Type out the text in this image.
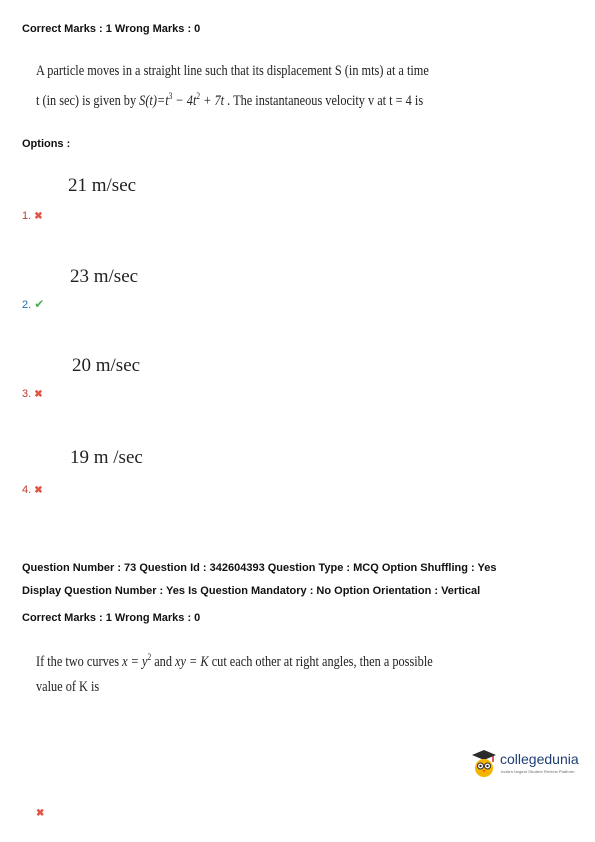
Correct Marks : 1 Wrong Marks : 0
A particle moves in a straight line such that its displacement S (in mts) at a time
t (in sec) is given by $S(t)=t^3 - 4t^2 + 7t$ . The instantaneous velocity v at t = 4 is
Options :
21 m/sec
1. ✖
23 m/sec
2. ✔
20 m/sec
3. ✖
19 m /sec
4. ✖
Question Number : 73 Question Id : 342604393 Question Type : MCQ Option Shuffling : Yes
Display Question Number : Yes Is Question Mandatory : No Option Orientation : Vertical
Correct Marks : 1 Wrong Marks : 0
If the two curves $x = y^2$ and xy = K cut each other at right angles, then a possible
value of K is
collegedunia
India's largest Student Review Platform
✖
